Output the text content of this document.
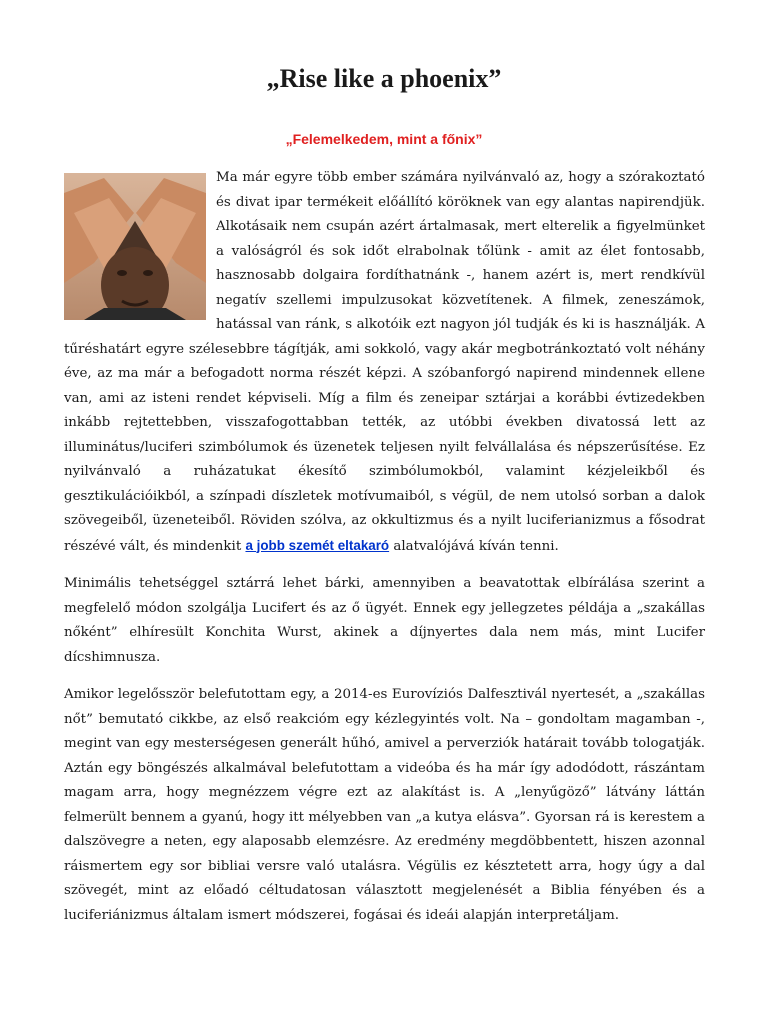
„Rise like a phoenix”
„Felemelkedem, mint a főnix”

Ma már egyre több ember számára nyilvánvaló az, hogy a szórakoztató és divat ipar termékeit előállító köröknek van egy alantas napirendjük. Alkotásaik nem csupán azért ártalmasak, mert elterelik a figyelmünket a valóságról és sok időt elrabolnak tőlünk - amit az élet fontosabb, hasznosabb dolgaira fordíthatnánk -, hanem azért is, mert rendkívül negatív szellemi impulzusokat közvetítenek. A filmek, zeneszámok, hatással van ránk, s alkotóik ezt nagyon jól tudják és ki is használják. A tűréshatárt egyre szélesebbre tágítják, ami sokkoló, vagy akár megbotránkoztató volt néhány éve, az ma már a befogadott norma részét képzi. A szóbanforgó napirend mindennek ellene van, ami az isteni rendet képviseli. Míg a film és zeneipar sztárjai a korábbi évtizedekben inkább rejtettebben, visszafogottabban tették, az utóbbi években divatossá lett az illuminátus/luciferi szimbólumok és üzenetek teljesen nyilt felvállalása és népszerűsítése. Ez nyilvánvaló a ruházatukat ékesítő szimbólumokból, valamint kézjeleikből és gesztikulációikból, a színpadi díszletek motívumaiból, s végül, de nem utolsó sorban a dalok szövegeiből, üzeneteiből. Röviden szólva, az okkultizmus és a nyilt luciferianizmus a fősodrat részévé vált, és mindenkit a jobb szemét eltakaró alatvalójává kíván tenni.

Minimális tehetséggel sztárrá lehet bárki, amennyiben a beavatottak elbírálása szerint a megfelelő módon szolgálja Lucifert és az ő ügyét. Ennek egy jellegzetes példája a „szakállas nőként” elhíresült Konchita Wurst, akinek a díjnyertes dala nem más, mint Lucifer dícshimnusza.

Amikor legelősször belefutottam egy, a 2014-es Eurovíziós Dalfesztivál nyertesét, a „szakállas nőt” bemutató cikkbe, az első reakcióm egy kézlegyintés volt. Na – gondoltam magamban -, megint van egy mesterségesen generált hűhó, amivel a perverziók határait tovább tologatják. Aztán egy böngészés alkalmával belefutottam a videóba és ha már így adodódott, rászántam magam arra, hogy megnézzem végre ezt az alakítást is. A „lenyűgöző” látvány láttán felmerült bennem a gyanú, hogy itt mélyebben van „a kutya elásva”. Gyorsan rá is kerestem a dalszövegre a neten, egy alaposabb elemzésre. Az eredmény megdöbbentett, hiszen azonnal ráismertem egy sor bibliai versre való utalásra. Végülis ez késztetett arra, hogy úgy a dal szövegét, mint az előadó céltudatosan választott megjelenését a Biblia fényében és a luciferiánizmus általam ismert módszerei, fogásai és ideái alapján interpretáljam.
